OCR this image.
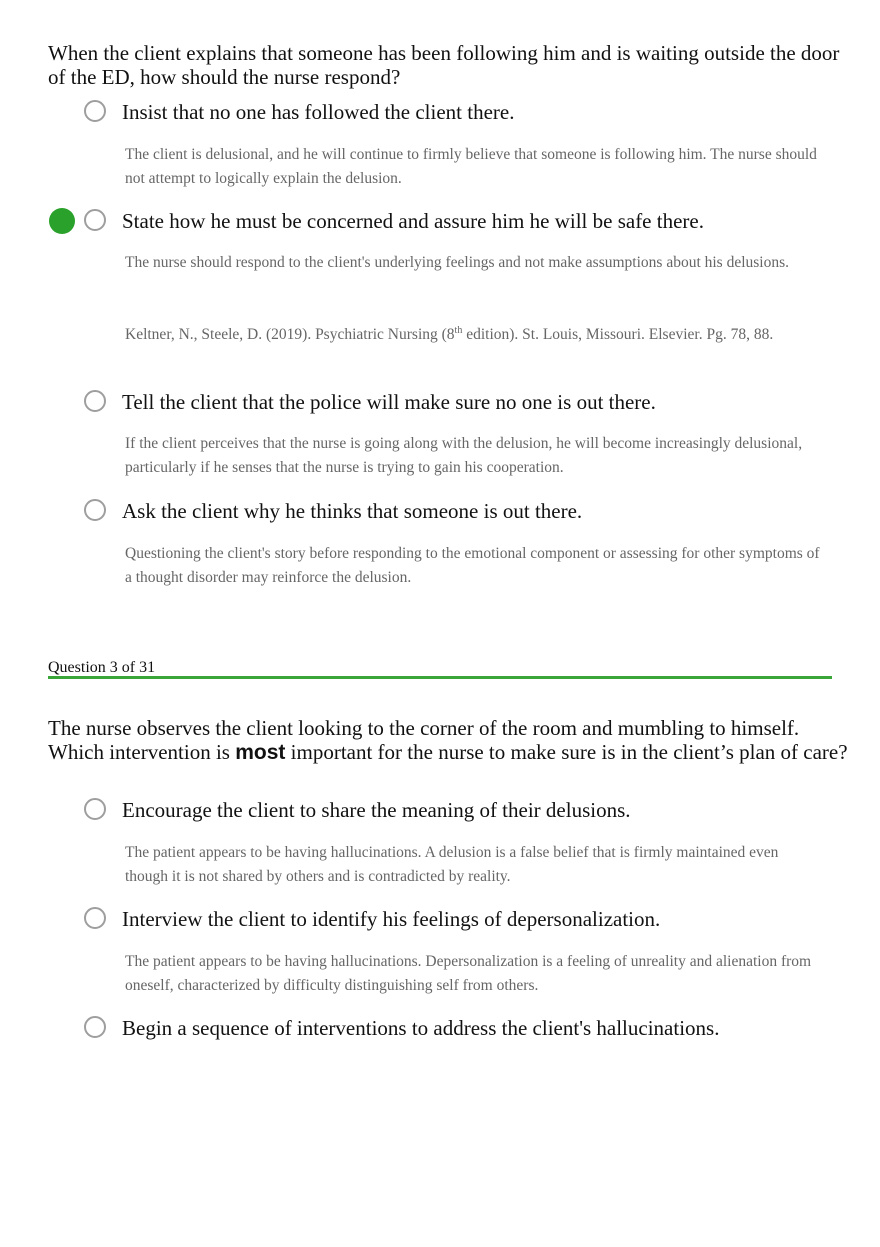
When the client explains that someone has been following him and is waiting outside the door of the ED, how should the nurse respond?
Insist that no one has followed the client there.
The client is delusional, and he will continue to firmly believe that someone is following him. The nurse should not attempt to logically explain the delusion.
State how he must be concerned and assure him he will be safe there.
The nurse should respond to the client's underlying feelings and not make assumptions about his delusions.
Keltner, N., Steele, D. (2019). Psychiatric Nursing (8th edition). St. Louis, Missouri. Elsevier. Pg. 78, 88.
Tell the client that the police will make sure no one is out there.
If the client perceives that the nurse is going along with the delusion, he will become increasingly delusional, particularly if he senses that the nurse is trying to gain his cooperation.
Ask the client why he thinks that someone is out there.
Questioning the client's story before responding to the emotional component or assessing for other symptoms of a thought disorder may reinforce the delusion.
Question 3 of 31
The nurse observes the client looking to the corner of the room and mumbling to himself. Which intervention is most important for the nurse to make sure is in the client’s plan of care?
Encourage the client to share the meaning of their delusions.
The patient appears to be having hallucinations. A delusion is a false belief that is firmly maintained even though it is not shared by others and is contradicted by reality.
Interview the client to identify his feelings of depersonalization.
The patient appears to be having hallucinations. Depersonalization is a feeling of unreality and alienation from oneself, characterized by difficulty distinguishing self from others.
Begin a sequence of interventions to address the client's hallucinations.
